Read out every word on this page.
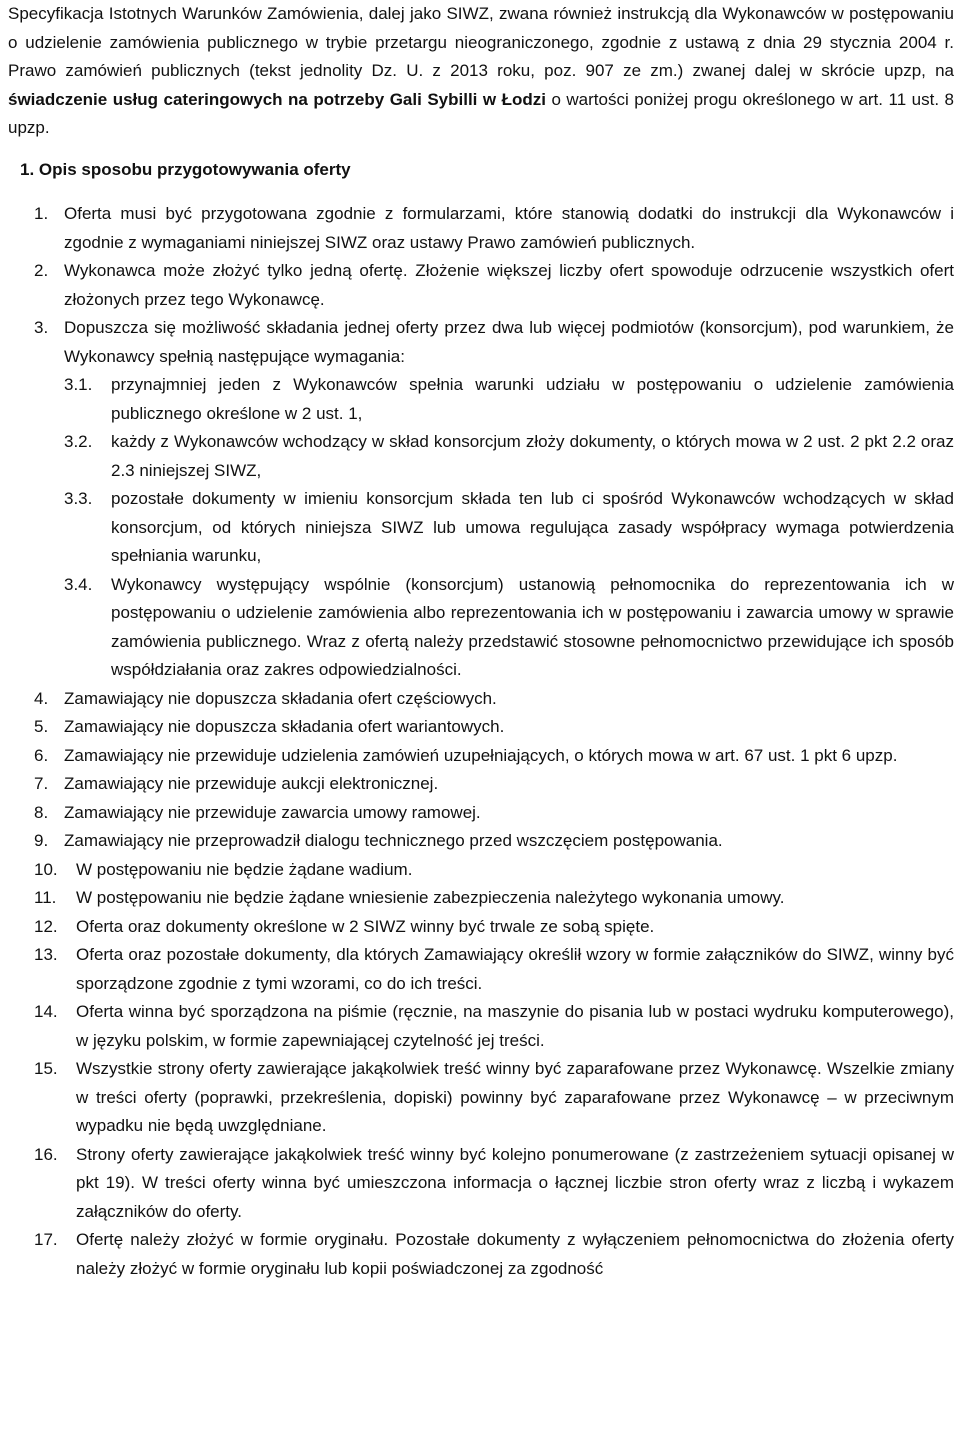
Specyfikacja Istotnych Warunków Zamówienia, dalej jako SIWZ, zwana również instrukcją dla Wykonawców w postępowaniu o udzielenie zamówienia publicznego w trybie przetargu nieograniczonego, zgodnie z ustawą z dnia 29 stycznia 2004 r. Prawo zamówień publicznych (tekst jednolity Dz. U. z 2013 roku, poz. 907 ze zm.) zwanej dalej w skrócie upzp, na świadczenie usług cateringowych na potrzeby Gali Sybilli w Łodzi o wartości poniżej progu określonego w art. 11 ust. 8 upzp.

1. Opis sposobu przygotowywania oferty
1. Oferta musi być przygotowana zgodnie z formularzami, które stanowią dodatki do instrukcji dla Wykonawców i zgodnie z wymaganiami niniejszej SIWZ oraz ustawy Prawo zamówień publicznych.
2. Wykonawca może złożyć tylko jedną ofertę. Złożenie większej liczby ofert spowoduje odrzucenie wszystkich ofert złożonych przez tego Wykonawcę.
3. Dopuszcza się możliwość składania jednej oferty przez dwa lub więcej podmiotów (konsorcjum), pod warunkiem, że Wykonawcy spełnią następujące wymagania:
3.1.	przynajmniej jeden z Wykonawców spełnia warunki udziału w postępowaniu o udzielenie zamówienia publicznego określone w 2 ust. 1,
3.2.	każdy z Wykonawców wchodzący w skład konsorcjum złoży dokumenty, o których mowa w 2 ust. 2 pkt 2.2 oraz 2.3 niniejszej SIWZ,
3.3.	pozostałe dokumenty w imieniu konsorcjum składa ten lub ci spośród Wykonawców wchodzących w skład konsorcjum, od których niniejsza SIWZ lub umowa regulująca zasady współpracy wymaga potwierdzenia spełniania warunku,
3.4.	Wykonawcy występujący wspólnie (konsorcjum) ustanowią pełnomocnika do reprezentowania ich w postępowaniu o udzielenie zamówienia albo reprezentowania ich w postępowaniu i zawarcia umowy w sprawie zamówienia publicznego. Wraz z ofertą należy przedstawić stosowne pełnomocnictwo przewidujące ich sposób współdziałania oraz zakres odpowiedzialności.
4. Zamawiający nie dopuszcza składania ofert częściowych.
5. Zamawiający nie dopuszcza składania ofert wariantowych.
6. Zamawiający nie przewiduje udzielenia zamówień uzupełniających, o których mowa w art. 67 ust. 1 pkt 6 upzp.
7. Zamawiający nie przewiduje aukcji elektronicznej.
8. Zamawiający nie przewiduje zawarcia umowy ramowej.
9. Zamawiający nie przeprowadził dialogu technicznego przed wszczęciem postępowania.
10.	W postępowaniu nie będzie żądane wadium.
11.	W postępowaniu nie będzie żądane wniesienie zabezpieczenia należytego wykonania umowy.
12.	Oferta oraz dokumenty określone w 2 SIWZ winny być trwale ze sobą spięte.
13.	Oferta oraz pozostałe dokumenty, dla których Zamawiający określił wzory w formie załączników do SIWZ, winny być sporządzone zgodnie z tymi wzorami, co do ich treści.
14.	Oferta winna być sporządzona na piśmie (ręcznie, na maszynie do pisania lub w postaci wydruku komputerowego), w języku polskim, w formie zapewniającej czytelność jej treści.
15.	Wszystkie strony oferty zawierające jakąkolwiek treść winny być zaparafowane przez Wykonawcę. Wszelkie zmiany w treści oferty (poprawki, przekreślenia, dopiski) powinny być zaparafowane przez Wykonawcę – w przeciwnym wypadku nie będą uwzględniane.
16.	Strony oferty zawierające jakąkolwiek treść winny być kolejno ponumerowane (z zastrzeżeniem sytuacji opisanej w pkt 19). W treści oferty winna być umieszczona informacja o łącznej liczbie stron oferty wraz z liczbą i wykazem załączników do oferty.
17.	Ofertę należy złożyć w formie oryginału. Pozostałe dokumenty z wyłączeniem pełnomocnictwa do złożenia oferty należy złożyć w formie oryginału lub kopii poświadczonej za zgodność
